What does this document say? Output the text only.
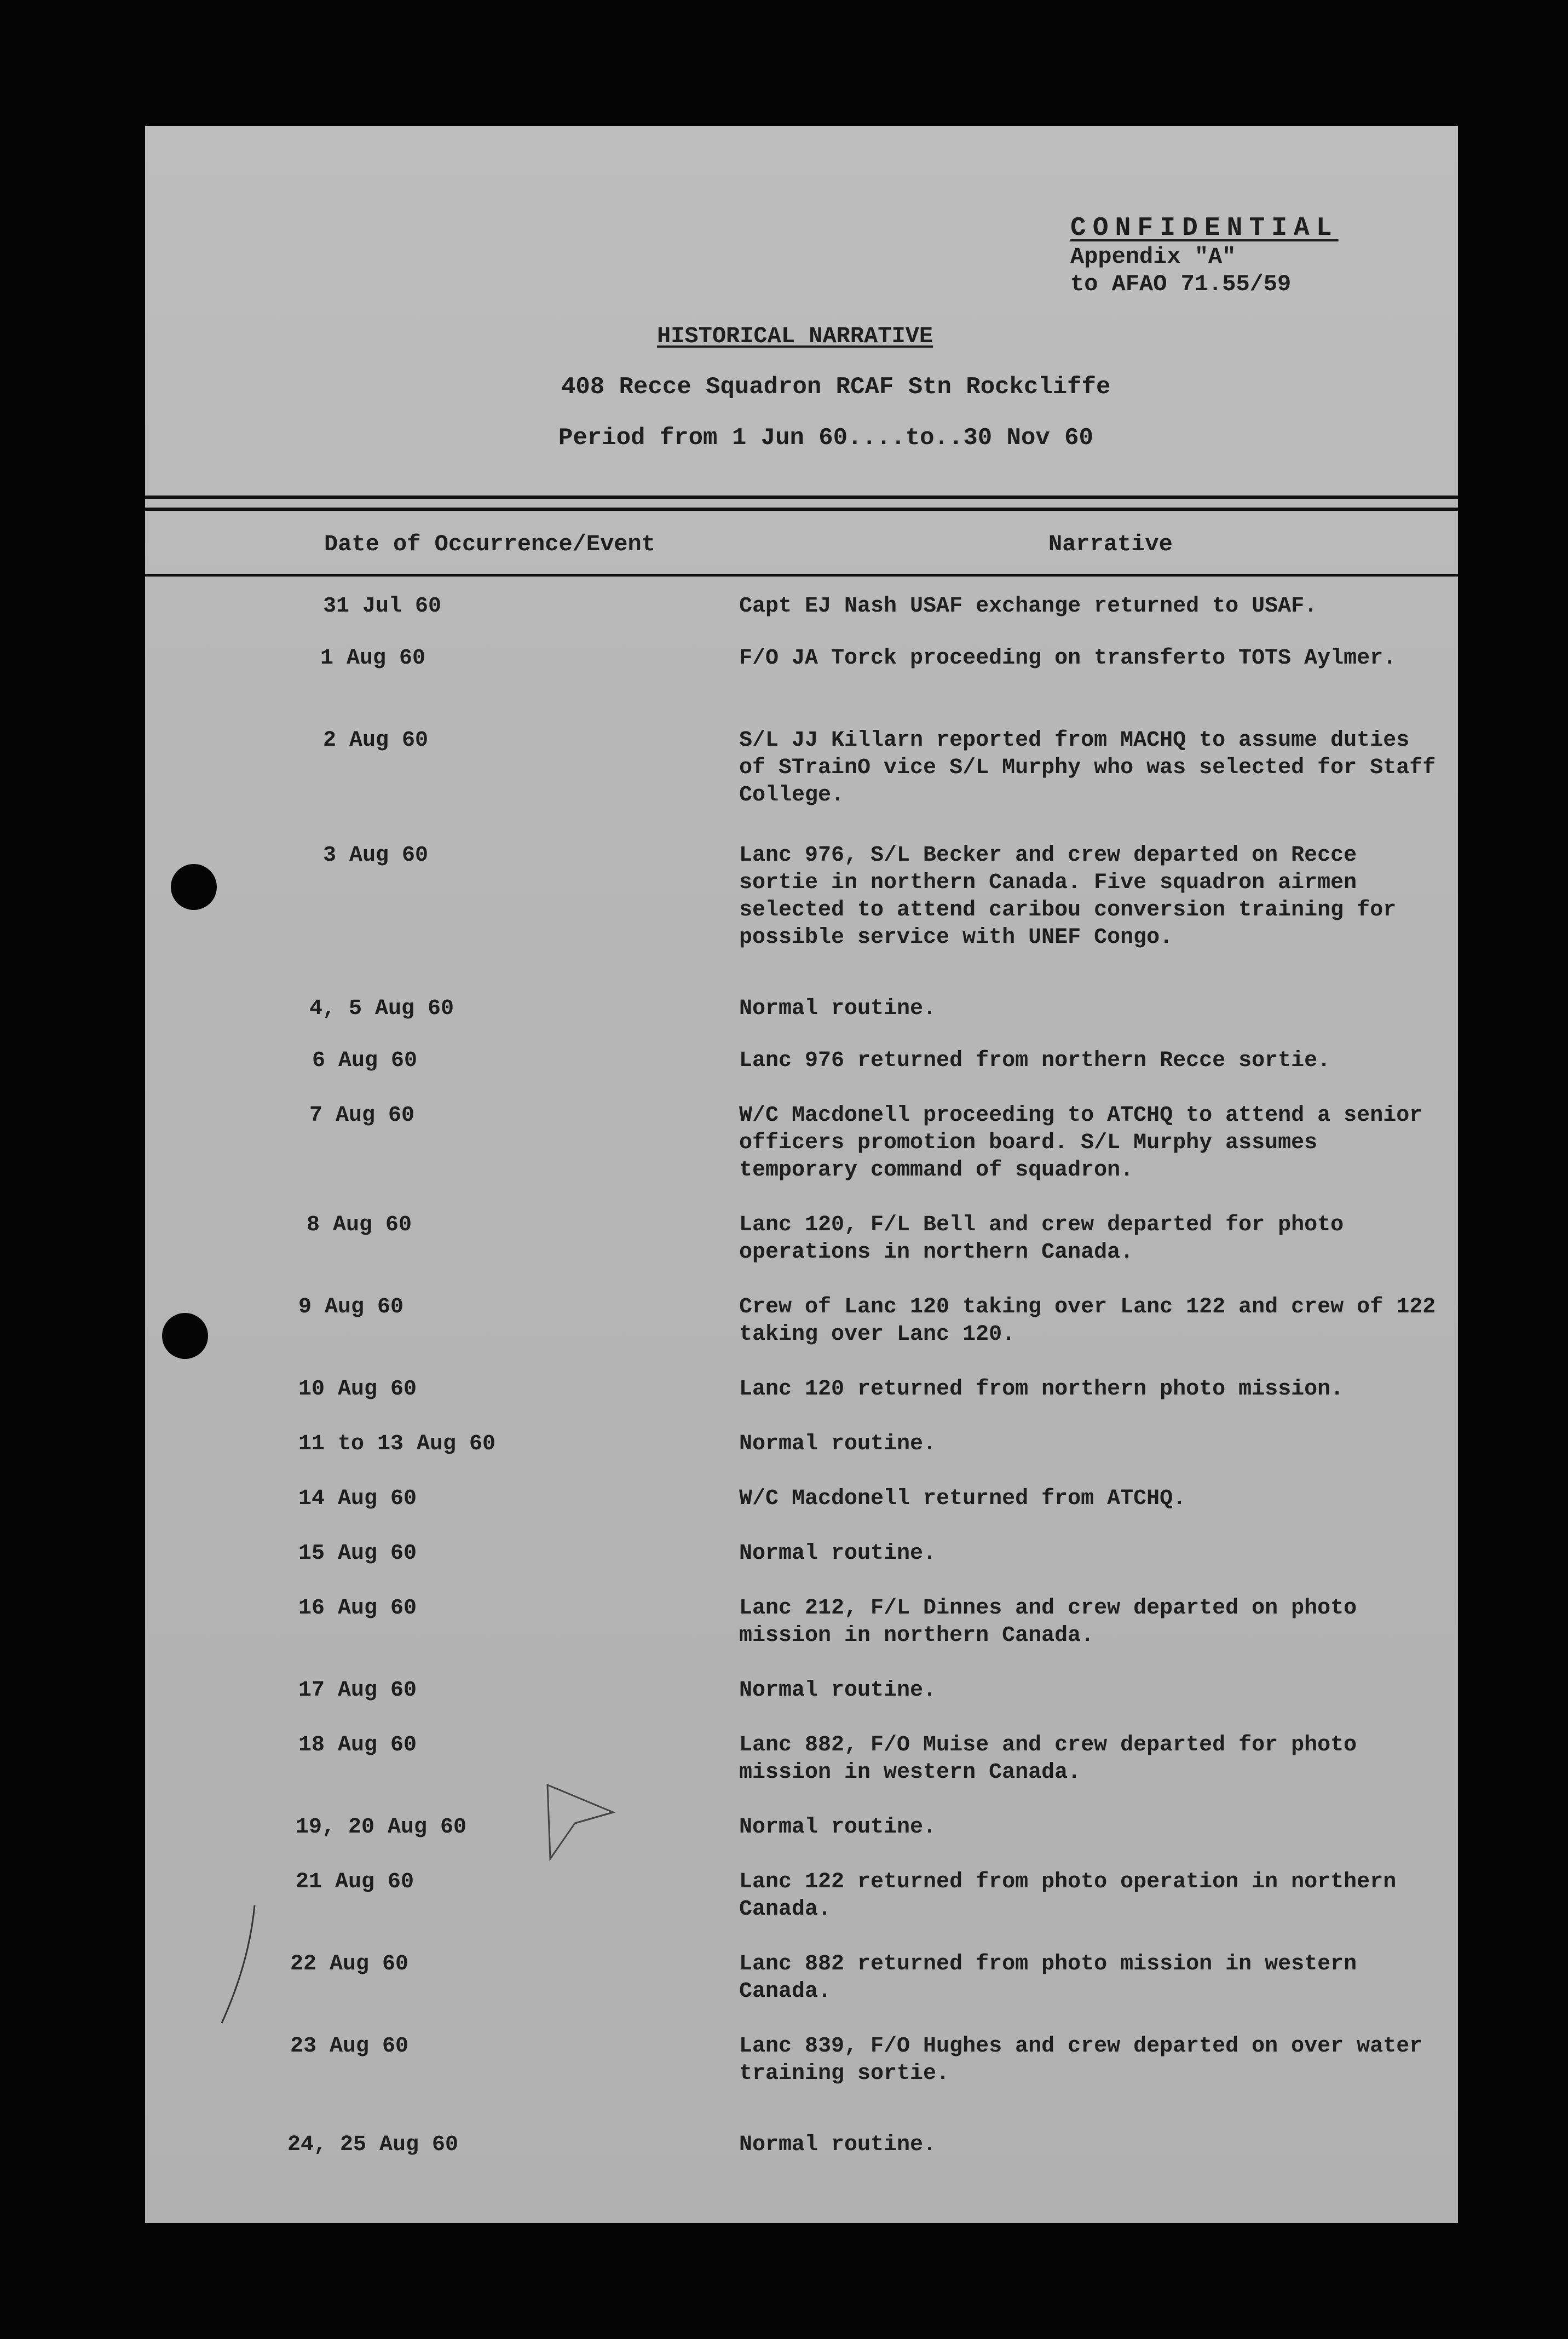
CONFIDENTIAL
Appendix "A"
to AFAO 71.55/59
HISTORICAL NARRATIVE
408 Recce Squadron RCAF Stn Rockcliffe
Period from 1 Jun 60....to..30 Nov 60
Date of Occurrence/Event	Narrative
31 Jul 60	Capt EJ Nash USAF exchange returned to USAF.
1 Aug 60	F/O JA Torck proceeding on transferto TOTS Aylmer.
2 Aug 60	S/L JJ Killarn reported from MACHQ to assume duties of STrainO vice S/L Murphy who was selected for Staff College.
3 Aug 60	Lanc 976, S/L Becker and crew departed on Recce sortie in northern Canada. Five squadron airmen selected to attend caribou conversion training for possible service with UNEF Congo.
4, 5 Aug 60	Normal routine.
6 Aug 60	Lanc 976 returned from northern Recce sortie.
7 Aug 60	W/C Macdonell proceeding to ATCHQ to attend a senior officers promotion board. S/L Murphy assumes temporary command of squadron.
8 Aug 60	Lanc 120, F/L Bell and crew departed for photo operations in northern Canada.
9 Aug 60	Crew of Lanc 120 taking over Lanc 122 and crew of 122 taking over Lanc 120.
10 Aug 60	Lanc 120 returned from northern photo mission.
11 to 13 Aug 60	Normal routine.
14 Aug 60	W/C Macdonell returned from ATCHQ.
15 Aug 60	Normal routine.
16 Aug 60	Lanc 212, F/L Dinnes and crew departed on photo mission in northern Canada.
17 Aug 60	Normal routine.
18 Aug 60	Lanc 882, F/O Muise and crew departed for photo mission in western Canada.
19, 20 Aug 60	Normal routine.
21 Aug 60	Lanc 122 returned from photo operation in northern Canada.
22 Aug 60	Lanc 882 returned from photo mission in western Canada.
23 Aug 60	Lanc 839, F/O Hughes and crew departed on over water training sortie.
24, 25 Aug 60	Normal routine.
